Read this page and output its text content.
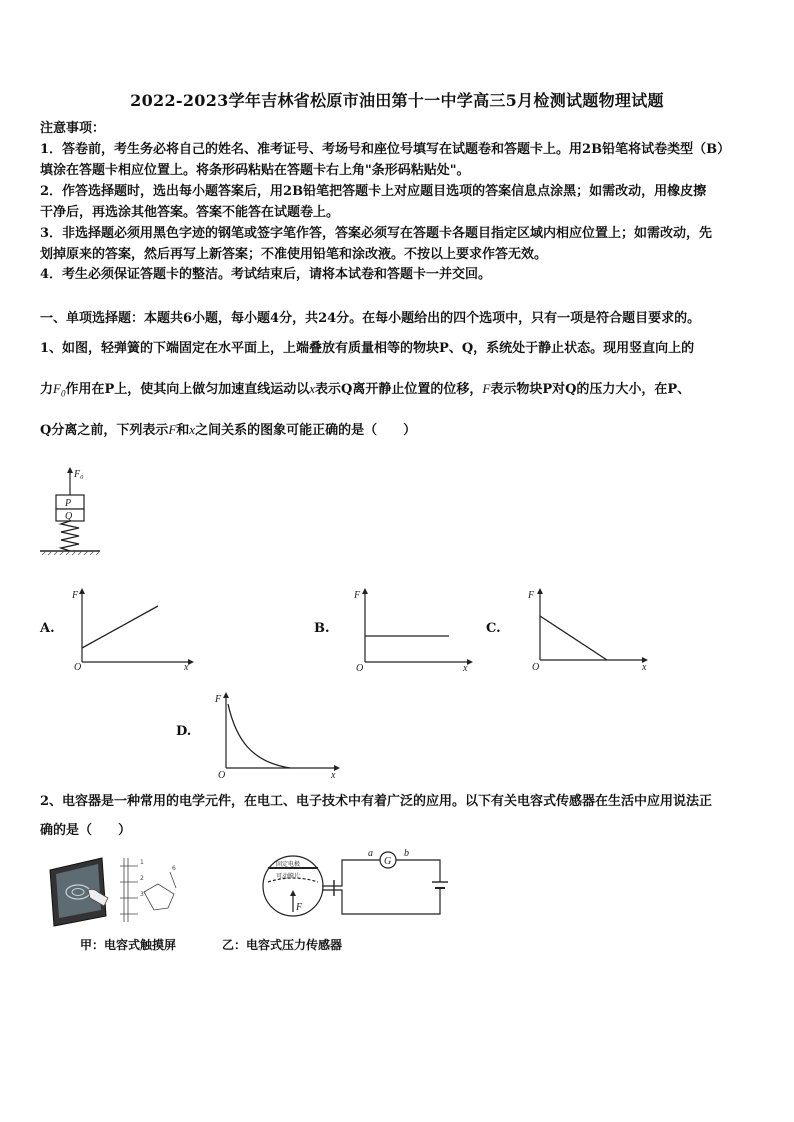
2022-2023学年吉林省松原市油田第十一中学高三5月检测试题物理试题
注意事项：
1．答卷前，考生务必将自己的姓名、准考证号、考场号和座位号填写在试题卷和答题卡上。用2B铅笔将试卷类型（B）
填涂在答题卡相应位置上。将条形码粘贴在答题卡右上角"条形码粘贴处"。
2．作答选择题时，选出每小题答案后，用2B铅笔把答题卡上对应题目选项的答案信息点涂黑；如需改动，用橡皮擦
干净后，再选涂其他答案。答案不能答在试题卷上。
3．非选择题必须用黑色字迹的钢笔或签字笔作答，答案必须写在答题卡各题目指定区域内相应位置上；如需改动，先
划掉原来的答案，然后再写上新答案；不准使用铅笔和涂改液。不按以上要求作答无效。
4．考生必须保证答题卡的整洁。考试结束后，请将本试卷和答题卡一并交回。
一、单项选择题：本题共6小题，每小题4分，共24分。在每小题给出的四个选项中，只有一项是符合题目要求的。
1、如图，轻弹簧的下端固定在水平面上，上端叠放有质量相等的物块P、Q，系统处于静止状态。现用竖直向上的
力$F_0$作用在P上，使其向上做匀加速直线运动以x表示Q离开静止位置的位移，F表示物块P对Q的压力大小，在P、
Q分离之前，下列表示F和x之间关系的图象可能正确的是（　　）
F₀
P
Q
A.
F
x
O
B.
F
x
O
C.
F
x
O
D.
F
x
O
2、电容器是一种常用的电学元件，在电工、电子技术中有着广泛的应用。以下有关电容式传感器在生活中应用说法正
确的是（　　）
1
2
3
6
甲：电容式触摸屏
固定电极
可动膜片
F
G
a	b
乙：电容式压力传感器
